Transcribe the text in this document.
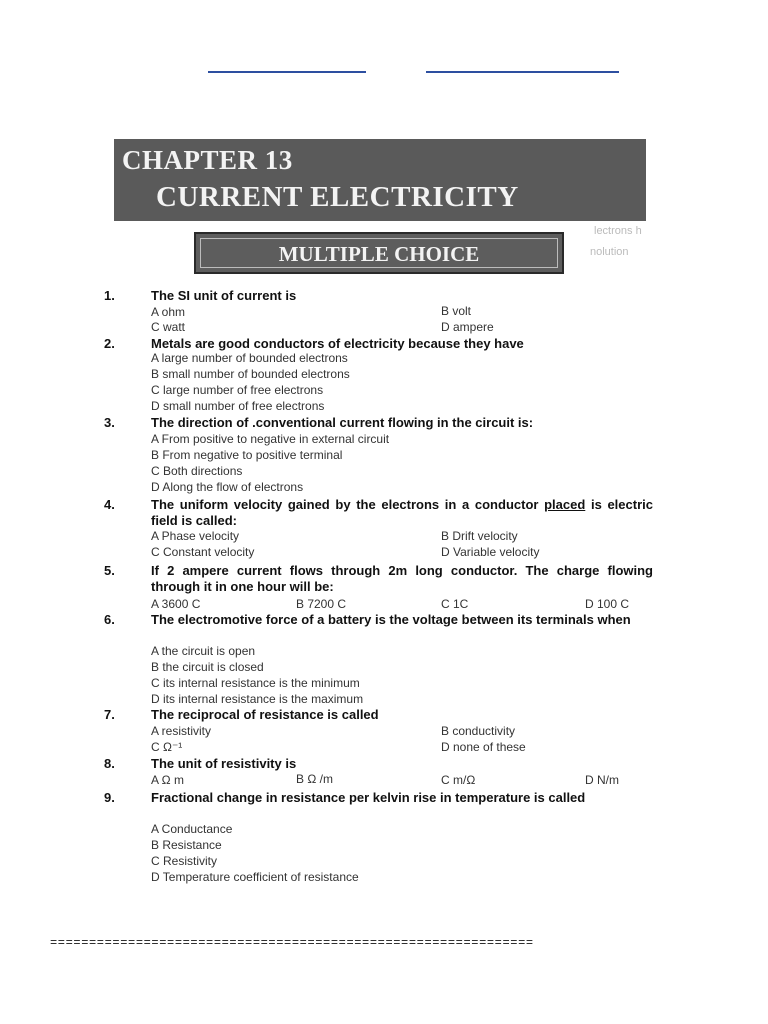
CHAPTER 13
CURRENT ELECTRICITY
lectrons h
nolution
MULTIPLE CHOICE
1.	The SI unit of current is
A ohm	B volt
C watt	D ampere
2.	Metals are good conductors of electricity because they have
A large number of bounded electrons
B small number of bounded electrons
C large number of free electrons
D small number of free electrons
3.	The direction of .conventional current flowing in the circuit is:
A From positive to negative in external circuit
B From negative to positive terminal
C Both directions
D Along the flow of electrons
4.	The uniform velocity gained by the electrons in a conductor placed is electric field is called:
A Phase velocity	B Drift velocity
C Constant velocity	D Variable velocity
5.	If 2 ampere current flows through 2m long conductor. The charge flowing through it in one hour will be:
A 3600 C	B 7200 C	C 1C	D 100 C
6.	The electromotive force of a battery is the voltage between its terminals when
A the circuit is open
B the circuit is closed
C its internal resistance is the minimum
D its internal resistance is the maximum
7.	The reciprocal of resistance is called
A resistivity	B conductivity
C Ω⁻¹	D none of these
8.	The unit of resistivity is
A Ω m	B Ω /m	C m/Ω	D N/m
9.	Fractional change in resistance per kelvin rise in temperature is called
A Conductance
B Resistance
C Resistivity
D Temperature coefficient of resistance
==============================================================
